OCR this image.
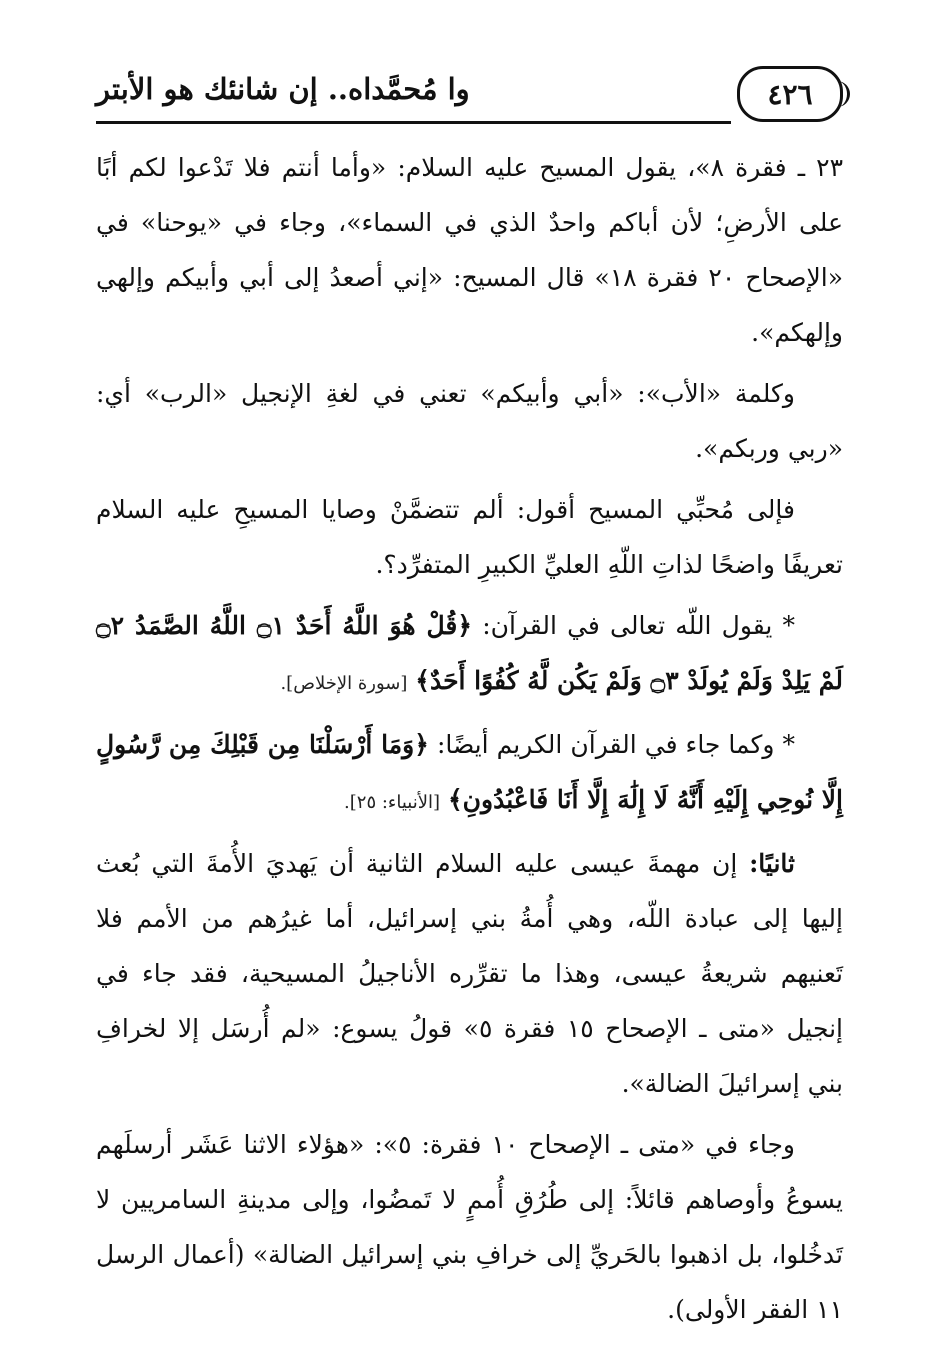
٤٢٦
وا مُحمَّداه.. إن شانئك هو الأبتر

٢٣ ـ فقرة ٨»، يقول المسيح عليه السلام: «وأما أنتم فلا تَدْعوا لكم أبًا على الأرضِ؛ لأن أباكم واحدٌ الذي في السماء»، وجاء في «يوحنا» في «الإصحاح ٢٠ فقرة ١٨» قال المسيح: «إني أصعدُ إلى أبي وأبيكم وإلهي وإلهكم».

وكلمة «الأب»: «أبي وأبيكم» تعني في لغةِ الإنجيل «الرب» أي: «ربي وربكم».

فإلى مُحبِّي المسيح أقول: ألم تتضمَّنْ وصايا المسيحِ عليه السلام تعريفًا واضحًا لذاتِ اللّهِ العليِّ الكبيرِ المتفرِّد؟.

* يقول اللّه تعالى في القرآن: ﴿قُلْ هُوَ اللَّهُ أَحَدٌ ۝١ اللَّهُ الصَّمَدُ ۝٢ لَمْ يَلِدْ وَلَمْ يُولَدْ ۝٣ وَلَمْ يَكُن لَّهُ كُفُوًا أَحَدٌ﴾ [سورة الإخلاص].

* وكما جاء في القرآن الكريم أيضًا: ﴿وَمَا أَرْسَلْنَا مِن قَبْلِكَ مِن رَّسُولٍ إِلَّا نُوحِي إِلَيْهِ أَنَّهُ لَا إِلَٰهَ إِلَّا أَنَا فَاعْبُدُونِ﴾ [الأنبياء: ٢٥].

ثانيًا: إن مهمةَ عيسى عليه السلام الثانية أن يَهديَ الأُمةَ التي بُعث إليها إلى عبادة اللّه، وهي أُمةُ بني إسرائيل، أما غيرُهم من الأمم فلا تَعنيهم شريعةُ عيسى، وهذا ما تقرِّره الأناجيلُ المسيحية، فقد جاء في إنجيل «متى ـ الإصحاح ١٥ فقرة ٥» قولُ يسوع: «لم أُرسَل إلا لخرافِ بني إسرائيلَ الضالة».

وجاء في «متى ـ الإصحاح ١٠ فقرة: ٥»: «هؤلاء الاثنا عَشَر أرسلَهم يسوعُ وأوصاهم قائلاً: إلى طُرُقِ أُممٍ لا تَمضُوا، وإلى مدينةِ السامريين لا تَدخُلوا، بل اذهبوا بالحَريِّ إلى خرافِ بني إسرائيل الضالة» (أعمال الرسل ١١ الفقر الأولى).
